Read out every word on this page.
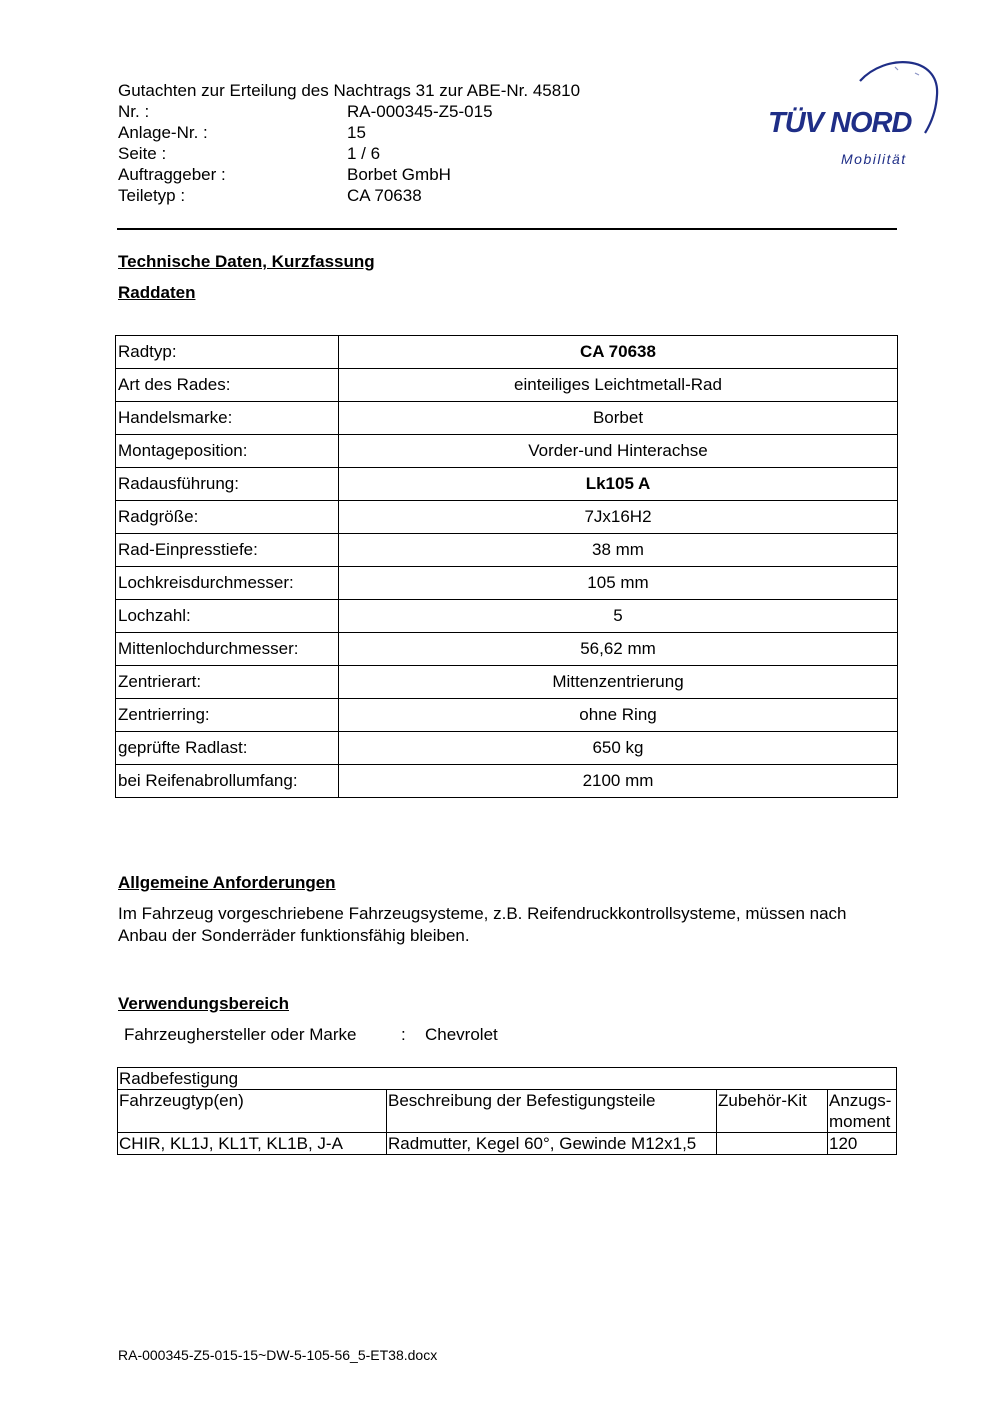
Gutachten zur Erteilung des Nachtrags 31 zur ABE-Nr. 45810
Nr. :	RA-000345-Z5-015
Anlage-Nr. :	15
Seite :	1 / 6
Auftraggeber :	Borbet GmbH
Teiletyp :	CA 70638
TÜV NORD
Mobilität
Technische Daten, Kurzfassung
Raddaten
Radtyp:	CA 70638
Art des Rades:	einteiliges Leichtmetall-Rad
Handelsmarke:	Borbet
Montageposition:	Vorder-und Hinterachse
Radausführung:	Lk105 A
Radgröße:	7Jx16H2
Rad-Einpresstiefe:	38 mm
Lochkreisdurchmesser:	105 mm
Lochzahl:	5
Mittenlochdurchmesser:	56,62 mm
Zentrierart:	Mittenzentrierung
Zentrierring:	ohne Ring
geprüfte Radlast:	650 kg
bei Reifenabrollumfang:	2100 mm
Allgemeine Anforderungen
Im Fahrzeug vorgeschriebene Fahrzeugsysteme, z.B. Reifendruckkontrollsysteme, müssen nach Anbau der Sonderräder funktionsfähig bleiben.
Verwendungsbereich
Fahrzeughersteller oder Marke	: Chevrolet
Radbefestigung			
Fahrzeugtyp(en)	Beschreibung der Befestigungsteile	Zubehör-Kit	Anzugs-
moment
CHIR, KL1J, KL1T, KL1B, J-A	Radmutter, Kegel 60°, Gewinde M12x1,5		120
RA-000345-Z5-015-15~DW-5-105-56_5-ET38.docx
